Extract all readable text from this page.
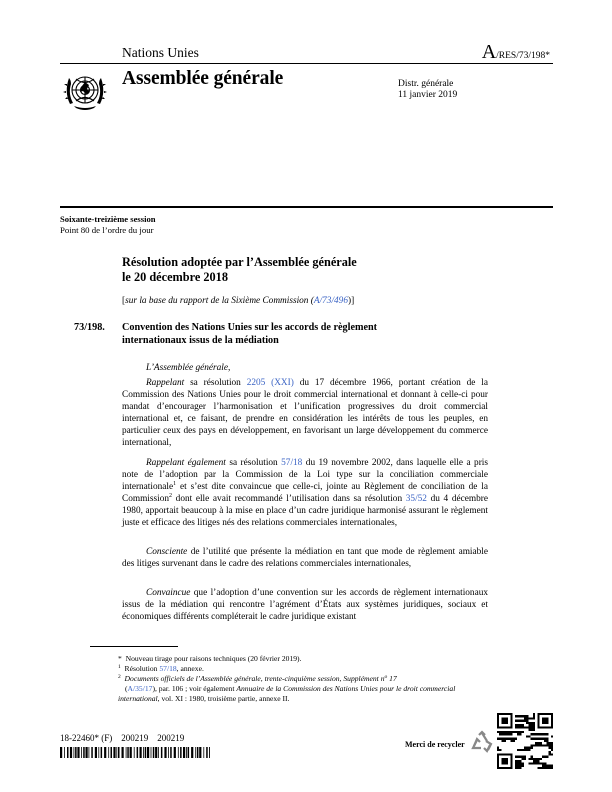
Nations Unies	A/RES/73/198*
Assemblée générale	Distr. générale
11 janvier 2019
Soixante-treizième session
Point 80 de l’ordre du jour
Résolution adoptée par l’Assemblée générale
le 20 décembre 2018
[sur la base du rapport de la Sixième Commission (A/73/496)]
73/198. Convention des Nations Unies sur les accords de règlement
internationaux issus de la médiation
L’Assemblée générale,
Rappelant sa résolution 2205 (XXI) du 17 décembre 1966, portant création de la Commission des Nations Unies pour le droit commercial international et donnant à celle-ci pour mandat d’encourager l’harmonisation et l’unification progressives du droit commercial international et, ce faisant, de prendre en considération les intérêts de tous les peuples, en particulier ceux des pays en développement, en favorisant un large développement du commerce international,
Rappelant également sa résolution 57/18 du 19 novembre 2002, dans laquelle elle a pris note de l’adoption par la Commission de la Loi type sur la conciliation commerciale internationale$^1$ et s’est dite convaincue que celle-ci, jointe au Règlement de conciliation de la Commission$^2$ dont elle avait recommandé l’utilisation dans sa résolution 35/52 du 4 décembre 1980, apportait beaucoup à la mise en place d’un cadre juridique harmonisé assurant le règlement juste et efficace des litiges nés des relations commerciales internationales,
Consciente de l’utilité que présente la médiation en tant que mode de règlement amiable des litiges survenant dans le cadre des relations commerciales internationales,
Convaincue que l’adoption d’une convention sur les accords de règlement internationaux issus de la médiation qui rencontre l’agrément d’États aux systèmes juridiques, sociaux et économiques différents compléterait le cadre juridique existant
* Nouveau tirage pour raisons techniques (20 février 2019).
$^1$ Résolution 57/18, annexe.
$^2$ Documents officiels de l’Assemblée générale, trente-cinquième session, Supplément $n^o$ 17
(A/35/17), par. 106 ; voir également Annuaire de la Commission des Nations Unies pour le droit commercial international, vol. XI : 1980, troisième partie, annexe II.
18-22460* (F)    200219    200219
Merci de recycler
